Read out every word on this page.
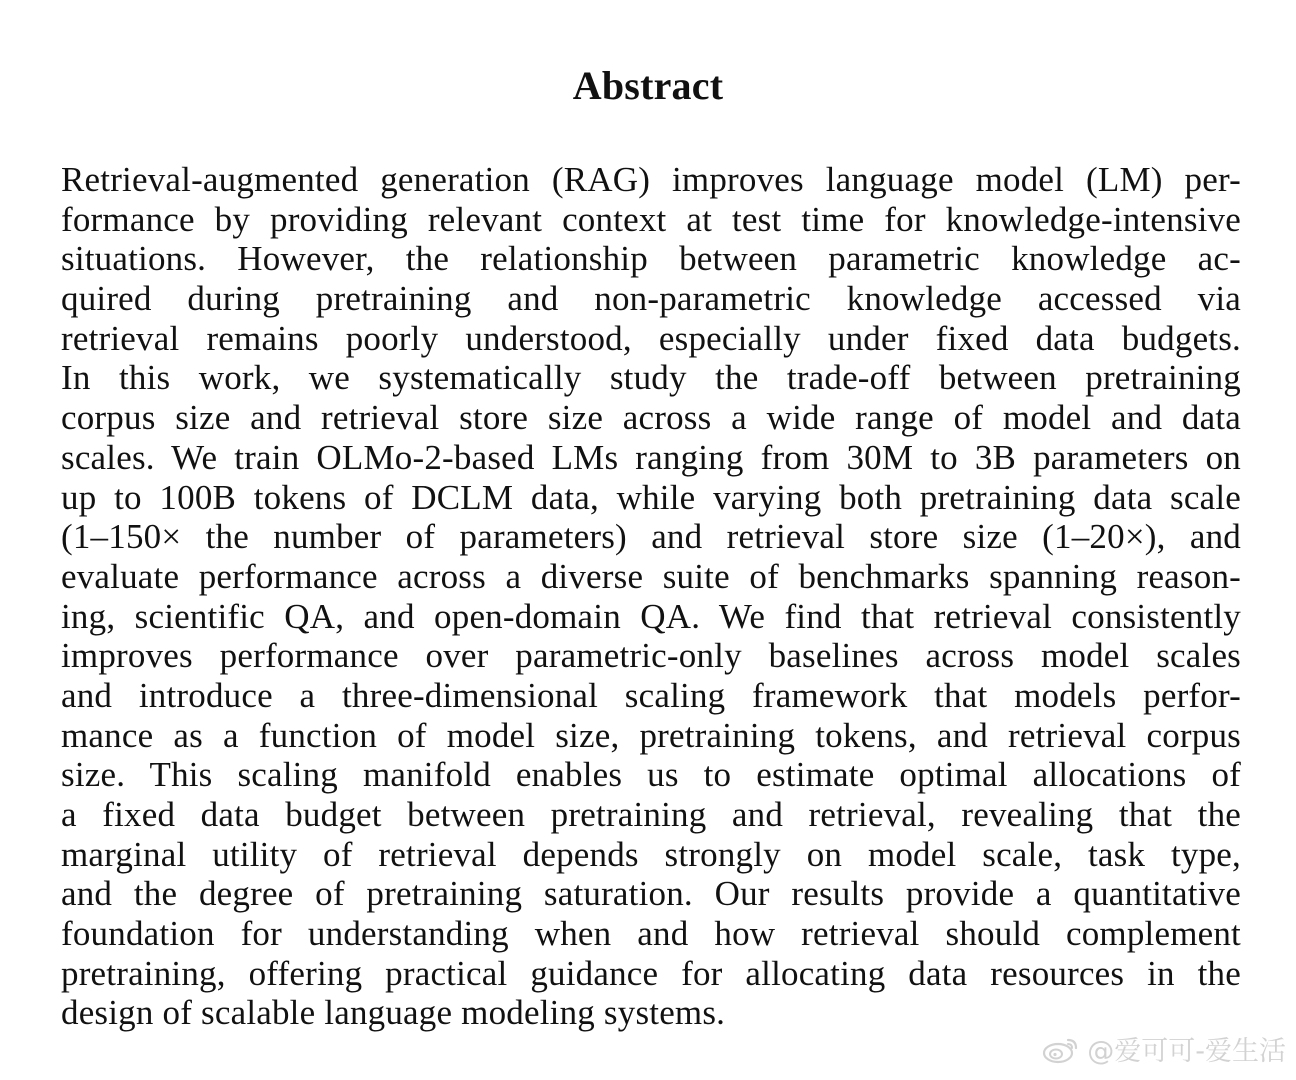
Abstract
Retrieval-augmented generation (RAG) improves language model (LM) per-
formance by providing relevant context at test time for knowledge-intensive
situations. However, the relationship between parametric knowledge ac-
quired during pretraining and non-parametric knowledge accessed via
retrieval remains poorly understood, especially under fixed data budgets.
In this work, we systematically study the trade-off between pretraining
corpus size and retrieval store size across a wide range of model and data
scales. We train OLMo-2-based LMs ranging from 30M to 3B parameters on
up to 100B tokens of DCLM data, while varying both pretraining data scale
(1–150× the number of parameters) and retrieval store size (1–20×), and
evaluate performance across a diverse suite of benchmarks spanning reason-
ing, scientific QA, and open-domain QA. We find that retrieval consistently
improves performance over parametric-only baselines across model scales
and introduce a three-dimensional scaling framework that models perfor-
mance as a function of model size, pretraining tokens, and retrieval corpus
size. This scaling manifold enables us to estimate optimal allocations of
a fixed data budget between pretraining and retrieval, revealing that the
marginal utility of retrieval depends strongly on model scale, task type,
and the degree of pretraining saturation. Our results provide a quantitative
foundation for understanding when and how retrieval should complement
pretraining, offering practical guidance for allocating data resources in the
design of scalable language modeling systems.
@爱可可-爱生活
